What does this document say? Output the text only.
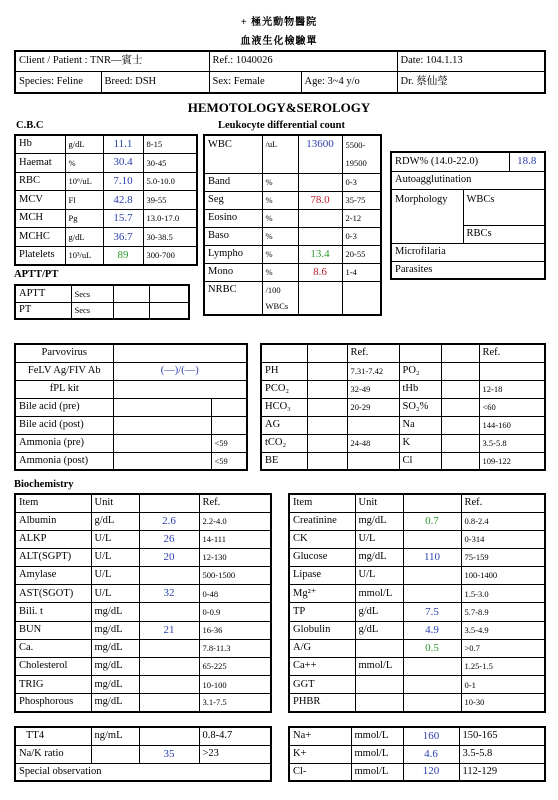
+ 極光動物醫院
血液生化檢驗單
Client / Patient : TNR—賓士		Ref.: 1040026		Date: 104.1.13
Species: Feline	Breed: DSH	Sex: Female	Age: 3~4 y/o	Dr. 蔡仙瑩
HEMOTOLOGY&SEROLOGY
C.B.C
Hb	g/dL	11.1	8-15
Haemat	%	30.4	30-45
RBC	10⁶/uL	7.10	5.0-10.0
MCV	Fl	42.8	39-55
MCH	Pg	15.7	13.0-17.0
MCHC	g/dL	36.7	30-38.5
Platelets	10³/uL	89	300-700
APTT/PT
APTT	Secs		
PT	Secs		
Leukocyte differential count
WBC	/uL	13600	5500-
			19500
Band	%		0-3
Seg	%	78.0	35-75
Eosino	%		2-12
Baso	%		0-3
Lympho	%	13.4	20-55
Mono	%	8.6	1-4
NRBC	/100		
	WBCs		
RDW% (14.0-22.0)		18.8
Autoagglutination		
Morphology	WBCs	
	RBCs	
Microfilaria		
Parasites		
Parvovirus		
FeLV Ag/FIV Ab	(—)/(—)	
fPL kit		
Bile acid (pre)		
Bile acid (post)		
Ammonia (pre)		<59
Ammonia (post)		<59
		Ref.			Ref.
PH		7.31-7.42	PO₂		
PCO₂		32-49	tHb		12-18
HCO₃		20-29	SO₂%		<60
AG			Na		144-160
tCO₂		24-48	K		3.5-5.8
BE			Cl		109-122
Biochemistry
Item	Unit		Ref.
Albumin	g/dL	2.6	2.2-4.0
ALKP	U/L	26	14-111
ALT(SGPT)	U/L	20	12-130
Amylase	U/L		500-1500
AST(SGOT)	U/L	32	0-48
Bili. t	mg/dL		0-0.9
BUN	mg/dL	21	16-36
Ca.	mg/dL		7.8-11.3
Cholesterol	mg/dL		65-225
TRIG	mg/dL		10-100
Phosphorous	mg/dL		3.1-7.5
Item	Unit		Ref.
Creatinine	mg/dL	0.7	0.8-2.4
CK	U/L		0-314
Glucose	mg/dL	110	75-159
Lipase	U/L		100-1400
Mg²⁺	mmol/L		1.5-3.0
TP	g/dL	7.5	5.7-8.9
Globulin	g/dL	4.9	3.5-4.9
A/G		0.5	>0.7
Ca++	mmol/L		1.25-1.5
GGT			0-1
PHBR			10-30
TT4	ng/mL		0.8-4.7
Na/K ratio		35	>23
Special observation			
Na+	mmol/L	160	150-165
K+	mmol/L	4.6	3.5-5.8
Cl-	mmol/L	120	112-129
